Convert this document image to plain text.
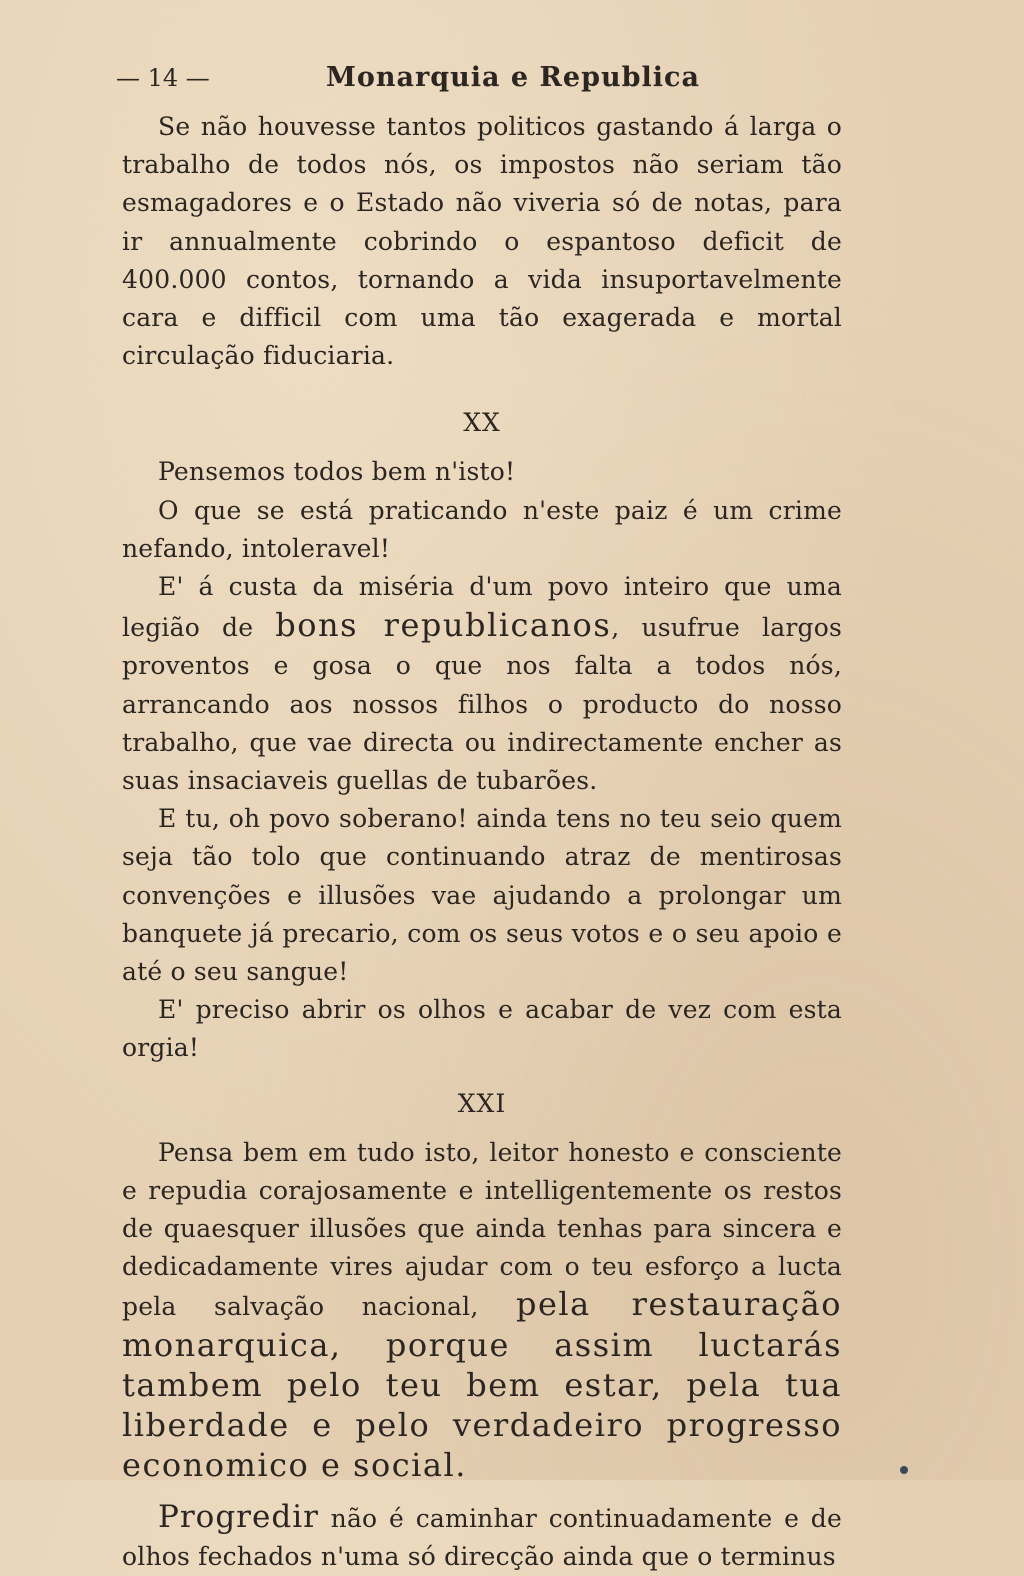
— 14 —	Monarquia e Republica

Se não houvesse tantos politicos gastando á larga o trabalho de todos nós, os impostos não seriam tão esmagadores e o Estado não viveria só de notas, para ir annualmente cobrindo o espantoso deficit de 400.000 contos, tornando a vida insuportavelmente cara e difficil com uma tão exagerada e mortal circulação fiduciaria.

XX

Pensemos todos bem n'isto!

O que se está praticando n'este paiz é um crime nefando, intoleravel!

E' á custa da miséria d'um povo inteiro que uma legião de bons republicanos, usufrue largos proventos e gosa o que nos falta a todos nós, arrancando aos nossos filhos o producto do nosso trabalho, que vae directa ou indirectamente encher as suas insaciaveis guellas de tubarões.

E tu, oh povo soberano! ainda tens no teu seio quem seja tão tolo que continuando atraz de mentirosas convenções e illusões vae ajudando a prolongar um banquete já precario, com os seus votos e o seu apoio e até o seu sangue!

E' preciso abrir os olhos e acabar de vez com esta orgia!

XXI

Pensa bem em tudo isto, leitor honesto e consciente e repudia corajosamente e intelligentemente os restos de quaesquer illusões que ainda tenhas para sincera e dedicadamente vires ajudar com o teu esforço a lucta pela salvação nacional, pela restauração monarquica, porque assim luctarás tambem pelo teu bem estar, pela tua liberdade e pelo verdadeiro progresso economico e social.

Progredir não é caminhar continuadamente e de olhos fechados n'uma só direcção ainda que o terminus
